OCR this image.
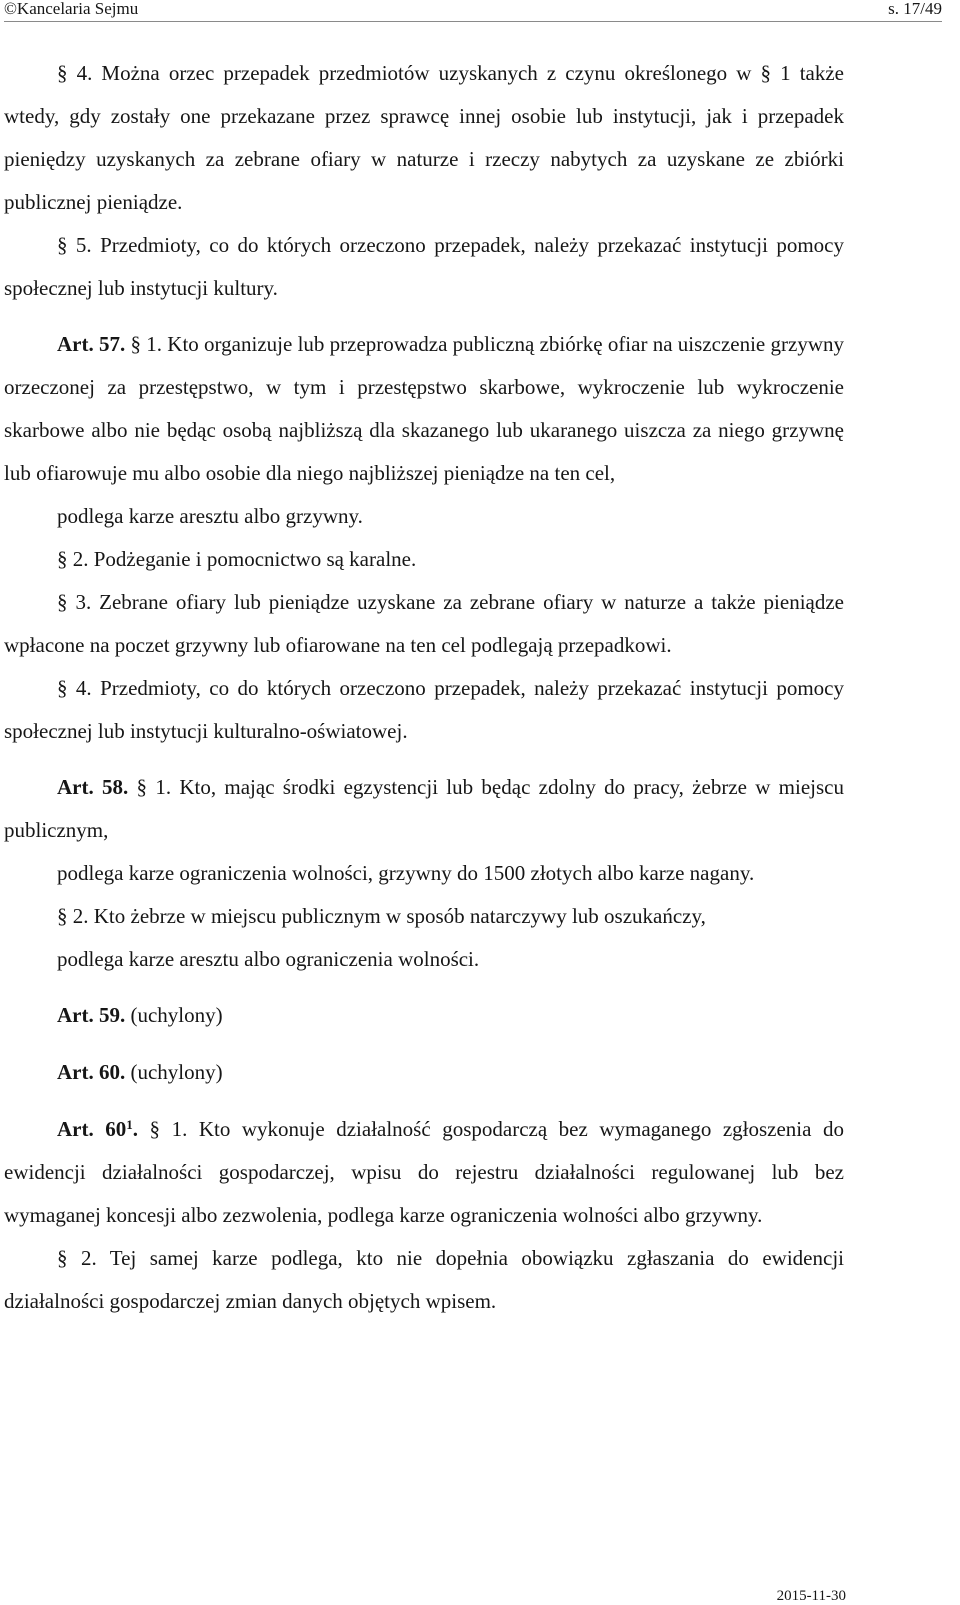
©Kancelaria Sejmu	s. 17/49

§ 4. Można orzec przepadek przedmiotów uzyskanych z czynu określonego w § 1 także wtedy, gdy zostały one przekazane przez sprawcę innej osobie lub instytucji, jak i przepadek pieniędzy uzyskanych za zebrane ofiary w naturze i rzeczy nabytych za uzyskane ze zbiórki publicznej pieniądze.

§ 5. Przedmioty, co do których orzeczono przepadek, należy przekazać instytucji pomocy społecznej lub instytucji kultury.

Art. 57. § 1. Kto organizuje lub przeprowadza publiczną zbiórkę ofiar na uiszczenie grzywny orzeczonej za przestępstwo, w tym i przestępstwo skarbowe, wykroczenie lub wykroczenie skarbowe albo nie będąc osobą najbliższą dla skazanego lub ukaranego uiszcza za niego grzywnę lub ofiarowuje mu albo osobie dla niego najbliższej pieniądze na ten cel,

podlega karze aresztu albo grzywny.

§ 2. Podżeganie i pomocnictwo są karalne.

§ 3. Zebrane ofiary lub pieniądze uzyskane za zebrane ofiary w naturze a także pieniądze wpłacone na poczet grzywny lub ofiarowane na ten cel podlegają przepadkowi.

§ 4. Przedmioty, co do których orzeczono przepadek, należy przekazać instytucji pomocy społecznej lub instytucji kulturalno-oświatowej.

Art. 58. § 1. Kto, mając środki egzystencji lub będąc zdolny do pracy, żebrze w miejscu publicznym,

podlega karze ograniczenia wolności, grzywny do 1500 złotych albo karze nagany.

§ 2. Kto żebrze w miejscu publicznym w sposób natarczywy lub oszukańczy,

podlega karze aresztu albo ograniczenia wolności.

Art. 59. (uchylony)

Art. 60. (uchylony)

Art. $60^1$. § 1. Kto wykonuje działalność gospodarczą bez wymaganego zgłoszenia do ewidencji działalności gospodarczej, wpisu do rejestru działalności regulowanej lub bez wymaganej koncesji albo zezwolenia, podlega karze ograniczenia wolności albo grzywny.

§ 2. Tej samej karze podlega, kto nie dopełnia obowiązku zgłaszania do ewidencji działalności gospodarczej zmian danych objętych wpisem.

2015-11-30
